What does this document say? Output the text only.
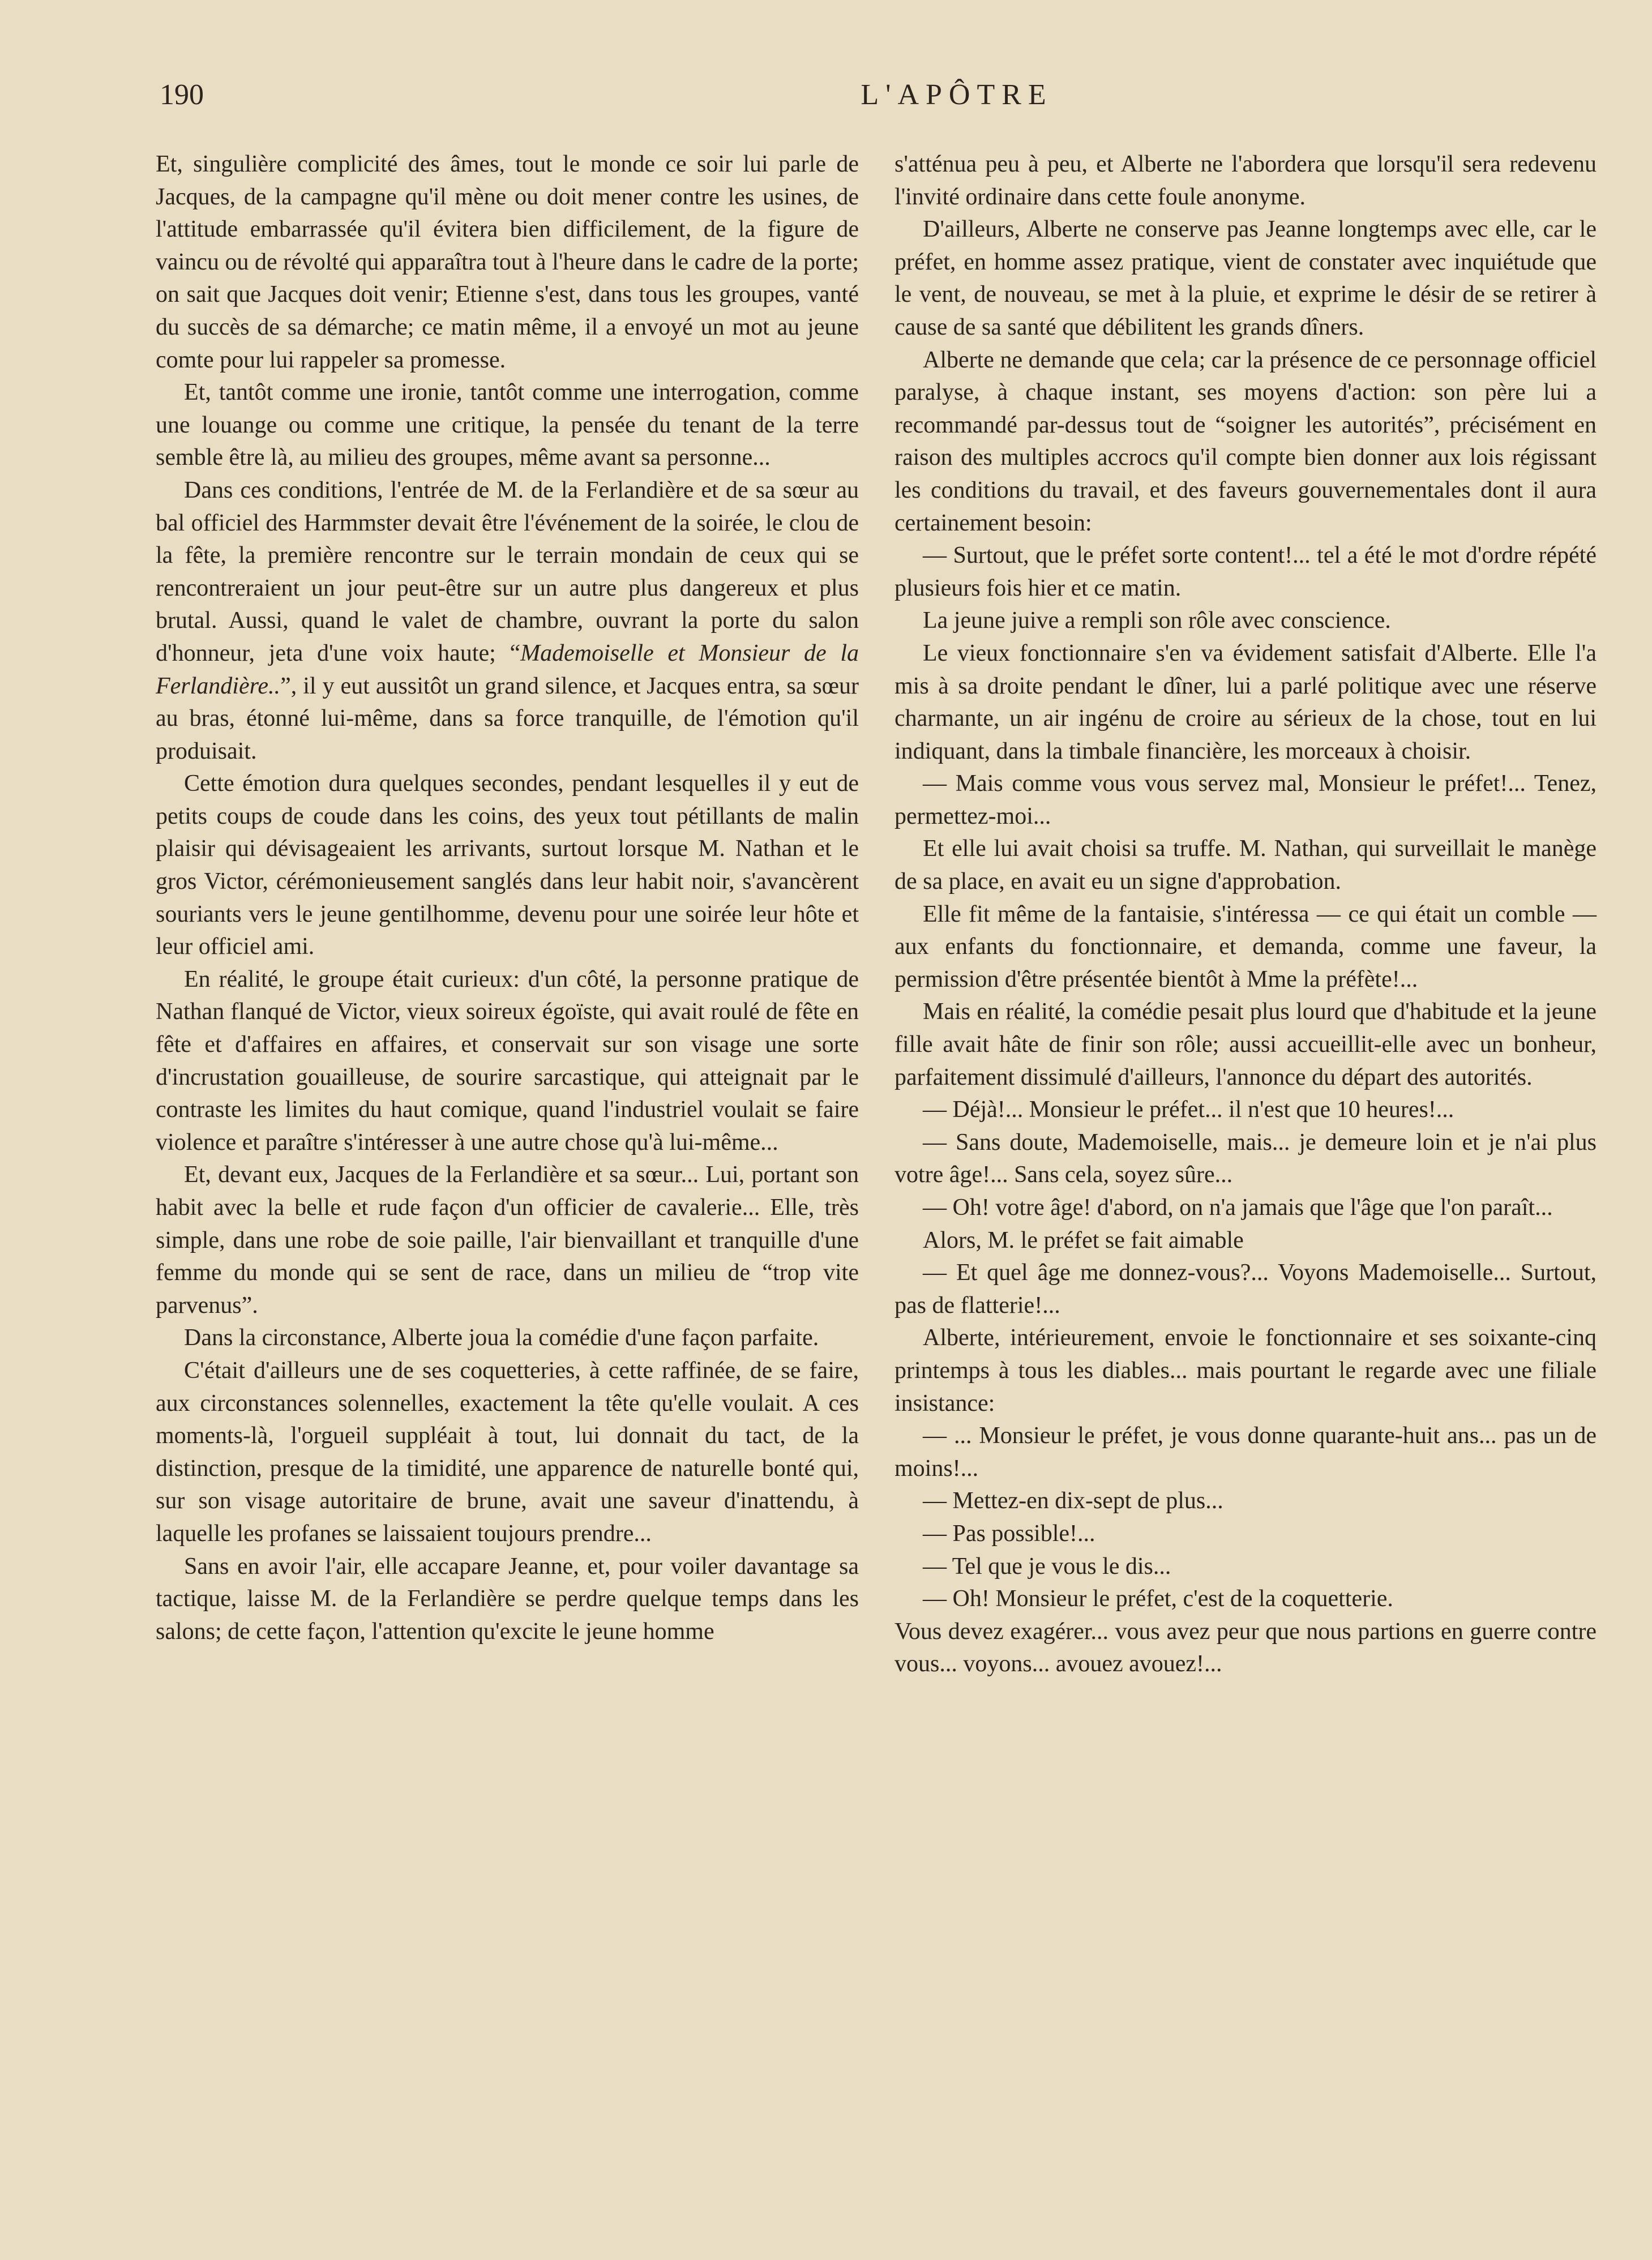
190	L'APÔTRE

Et, singulière complicité des âmes, tout le monde ce soir lui parle de Jacques, de la campagne qu'il mène ou doit mener contre les usines, de l'attitude embarrassée qu'il évitera bien difficilement, de la figure de vaincu ou de révolté qui apparaîtra tout à l'heure dans le cadre de la porte; on sait que Jacques doit venir; Etienne s'est, dans tous les groupes, vanté du succès de sa démarche; ce matin même, il a envoyé un mot au jeune comte pour lui rappeler sa promesse.

Et, tantôt comme une ironie, tantôt comme une interrogation, comme une louange ou comme une critique, la pensée du tenant de la terre semble être là, au milieu des groupes, même avant sa personne...

Dans ces conditions, l'entrée de M. de la Ferlandière et de sa sœur au bal officiel des Harmmster devait être l'événement de la soirée, le clou de la fête, la première rencontre sur le terrain mondain de ceux qui se rencontreraient un jour peut-être sur un autre plus dangereux et plus brutal. Aussi, quand le valet de chambre, ouvrant la porte du salon d'honneur, jeta d'une voix haute; “Mademoiselle et Monsieur de la Ferlandière..”, il y eut aussitôt un grand silence, et Jacques entra, sa sœur au bras, étonné lui-même, dans sa force tranquille, de l'émotion qu'il produisait.

Cette émotion dura quelques secondes, pendant lesquelles il y eut de petits coups de coude dans les coins, des yeux tout pétillants de malin plaisir qui dévisageaient les arrivants, surtout lorsque M. Nathan et le gros Victor, cérémonieusement sanglés dans leur habit noir, s'avancèrent souriants vers le jeune gentilhomme, devenu pour une soirée leur hôte et leur officiel ami.

En réalité, le groupe était curieux: d'un côté, la personne pratique de Nathan flanqué de Victor, vieux soireux égoïste, qui avait roulé de fête en fête et d'affaires en affaires, et conservait sur son visage une sorte d'incrustation gouailleuse, de sourire sarcastique, qui atteignait par le contraste les limites du haut comique, quand l'industriel voulait se faire violence et paraître s'intéresser à une autre chose qu'à lui-même...

Et, devant eux, Jacques de la Ferlandière et sa sœur... Lui, portant son habit avec la belle et rude façon d'un officier de cavalerie... Elle, très simple, dans une robe de soie paille, l'air bienvaillant et tranquille d'une femme du monde qui se sent de race, dans un milieu de “trop vite parvenus”.

Dans la circonstance, Alberte joua la comédie d'une façon parfaite.

C'était d'ailleurs une de ses coquetteries, à cette raffinée, de se faire, aux circonstances solennelles, exactement la tête qu'elle voulait. A ces moments-là, l'orgueil suppléait à tout, lui donnait du tact, de la distinction, presque de la timidité, une apparence de naturelle bonté qui, sur son visage autoritaire de brune, avait une saveur d'inattendu, à laquelle les profanes se laissaient toujours prendre...

Sans en avoir l'air, elle accapare Jeanne, et, pour voiler davantage sa tactique, laisse M. de la Ferlandière se perdre quelque temps dans les salons; de cette façon, l'attention qu'excite le jeune homme

s'atténua peu à peu, et Alberte ne l'abordera que lorsqu'il sera redevenu l'invité ordinaire dans cette foule anonyme.

D'ailleurs, Alberte ne conserve pas Jeanne longtemps avec elle, car le préfet, en homme assez pratique, vient de constater avec inquiétude que le vent, de nouveau, se met à la pluie, et exprime le désir de se retirer à cause de sa santé que débilitent les grands dîners.

Alberte ne demande que cela; car la présence de ce personnage officiel paralyse, à chaque instant, ses moyens d'action: son père lui a recommandé par-dessus tout de “soigner les autorités”, précisément en raison des multiples accrocs qu'il compte bien donner aux lois régissant les conditions du travail, et des faveurs gouvernementales dont il aura certainement besoin:

— Surtout, que le préfet sorte content!... tel a été le mot d'ordre répété plusieurs fois hier et ce matin.

La jeune juive a rempli son rôle avec conscience.

Le vieux fonctionnaire s'en va évidement satisfait d'Alberte. Elle l'a mis à sa droite pendant le dîner, lui a parlé politique avec une réserve charmante, un air ingénu de croire au sérieux de la chose, tout en lui indiquant, dans la timbale financière, les morceaux à choisir.

— Mais comme vous vous servez mal, Monsieur le préfet!... Tenez, permettez-moi...

Et elle lui avait choisi sa truffe. M. Nathan, qui surveillait le manège de sa place, en avait eu un signe d'approbation.

Elle fit même de la fantaisie, s'intéressa — ce qui était un comble — aux enfants du fonctionnaire, et demanda, comme une faveur, la permission d'être présentée bientôt à Mme la préfète!...

Mais en réalité, la comédie pesait plus lourd que d'habitude et la jeune fille avait hâte de finir son rôle; aussi accueillit-elle avec un bonheur, parfaitement dissimulé d'ailleurs, l'annonce du départ des autorités.

— Déjà!... Monsieur le préfet... il n'est que 10 heures!...

— Sans doute, Mademoiselle, mais... je demeure loin et je n'ai plus votre âge!... Sans cela, soyez sûre...

— Oh! votre âge! d'abord, on n'a jamais que l'âge que l'on paraît...

Alors, M. le préfet se fait aimable

— Et quel âge me donnez-vous?... Voyons Mademoiselle... Surtout, pas de flatterie!...

Alberte, intérieurement, envoie le fonctionnaire et ses soixante-cinq printemps à tous les diables... mais pourtant le regarde avec une filiale insistance:

— ... Monsieur le préfet, je vous donne quarante-huit ans... pas un de moins!...

— Mettez-en dix-sept de plus...

— Pas possible!...

— Tel que je vous le dis...

— Oh! Monsieur le préfet, c'est de la coquetterie.

Vous devez exagérer... vous avez peur que nous partions en guerre contre vous... voyons... avouez avouez!...
